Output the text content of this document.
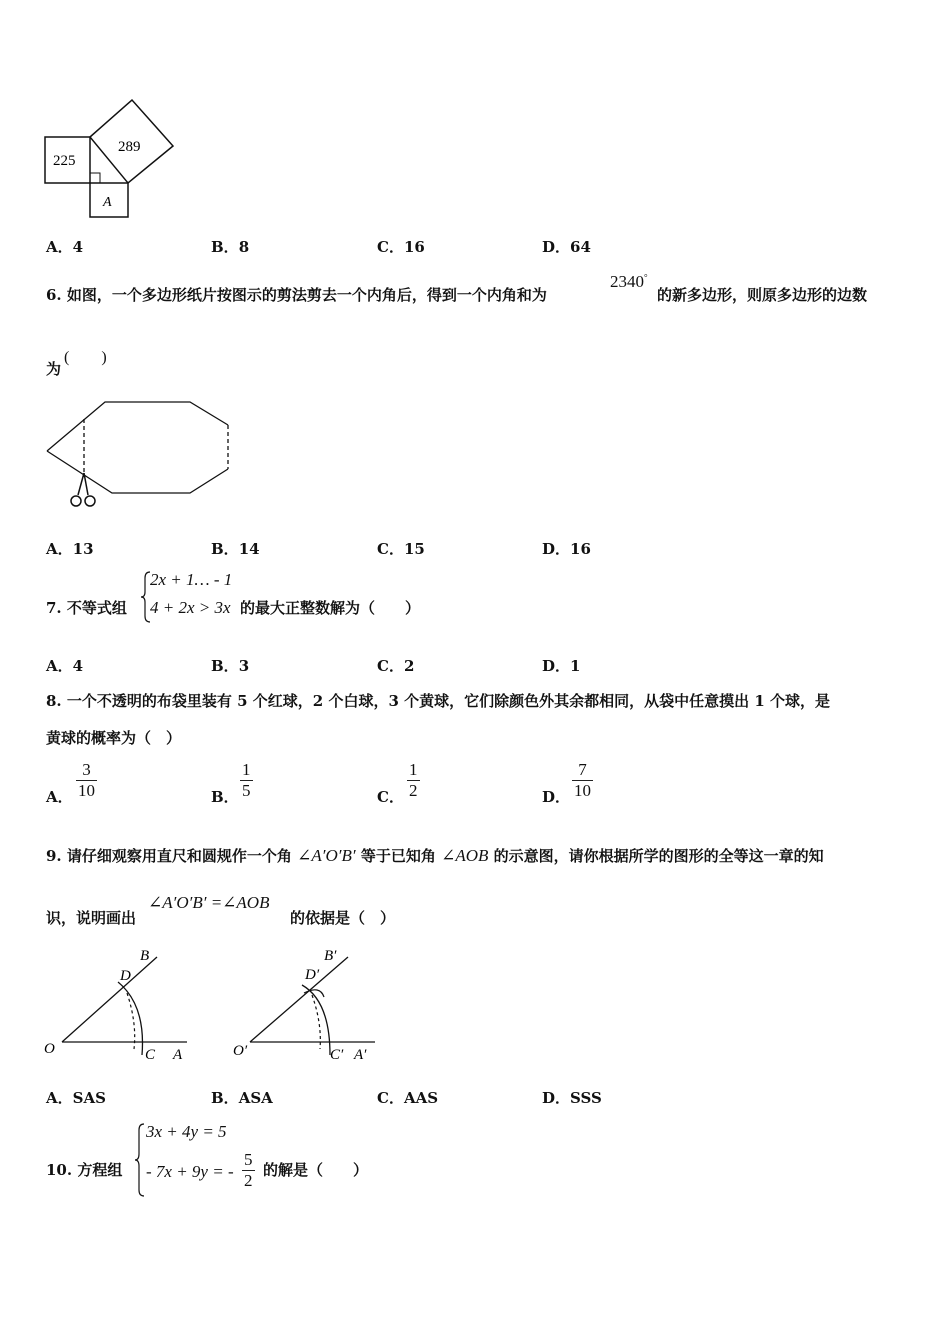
225
289
A
A．4	B．8	C．16	D．64
6. 如图，一个多边形纸片按图示的剪法剪去一个内角后，得到一个内角和为
2340°
的新多边形，则原多边形的边数
为
(　　)
A．13	B．14	C．15	D．16
7. 不等式组
2x + 1… - 1
4 + 2x > 3x 的最大正整数解为（　　）
A．4	B．3	C．2	D．1
8. 一个不透明的布袋里装有 5 个红球，2 个白球，3 个黄球，它们除颜色外其余都相同，从袋中任意摸出 1 个球，是
黄球的概率为（　）
A． $\frac{3}{10}$	B． $\frac{1}{5}$	C． $\frac{1}{2}$	D． $\frac{7}{10}$
9. 请仔细观察用直尺和圆规作一个角 ∠A′O′B′ 等于已知角 ∠AOB 的示意图，请你根据所学的图形的全等这一章的知
识，说明画出
∠A′O′B′ =∠AOB
的依据是（　）
O	C A
B
D
O′	C′ A′
B′
D′
A．SAS	B．ASA	C．AAS	D．SSS
10. 方程组
3x + 4y = 5
- 7x + 9y = - $\frac{5}{2}$ 的解是（　　）
